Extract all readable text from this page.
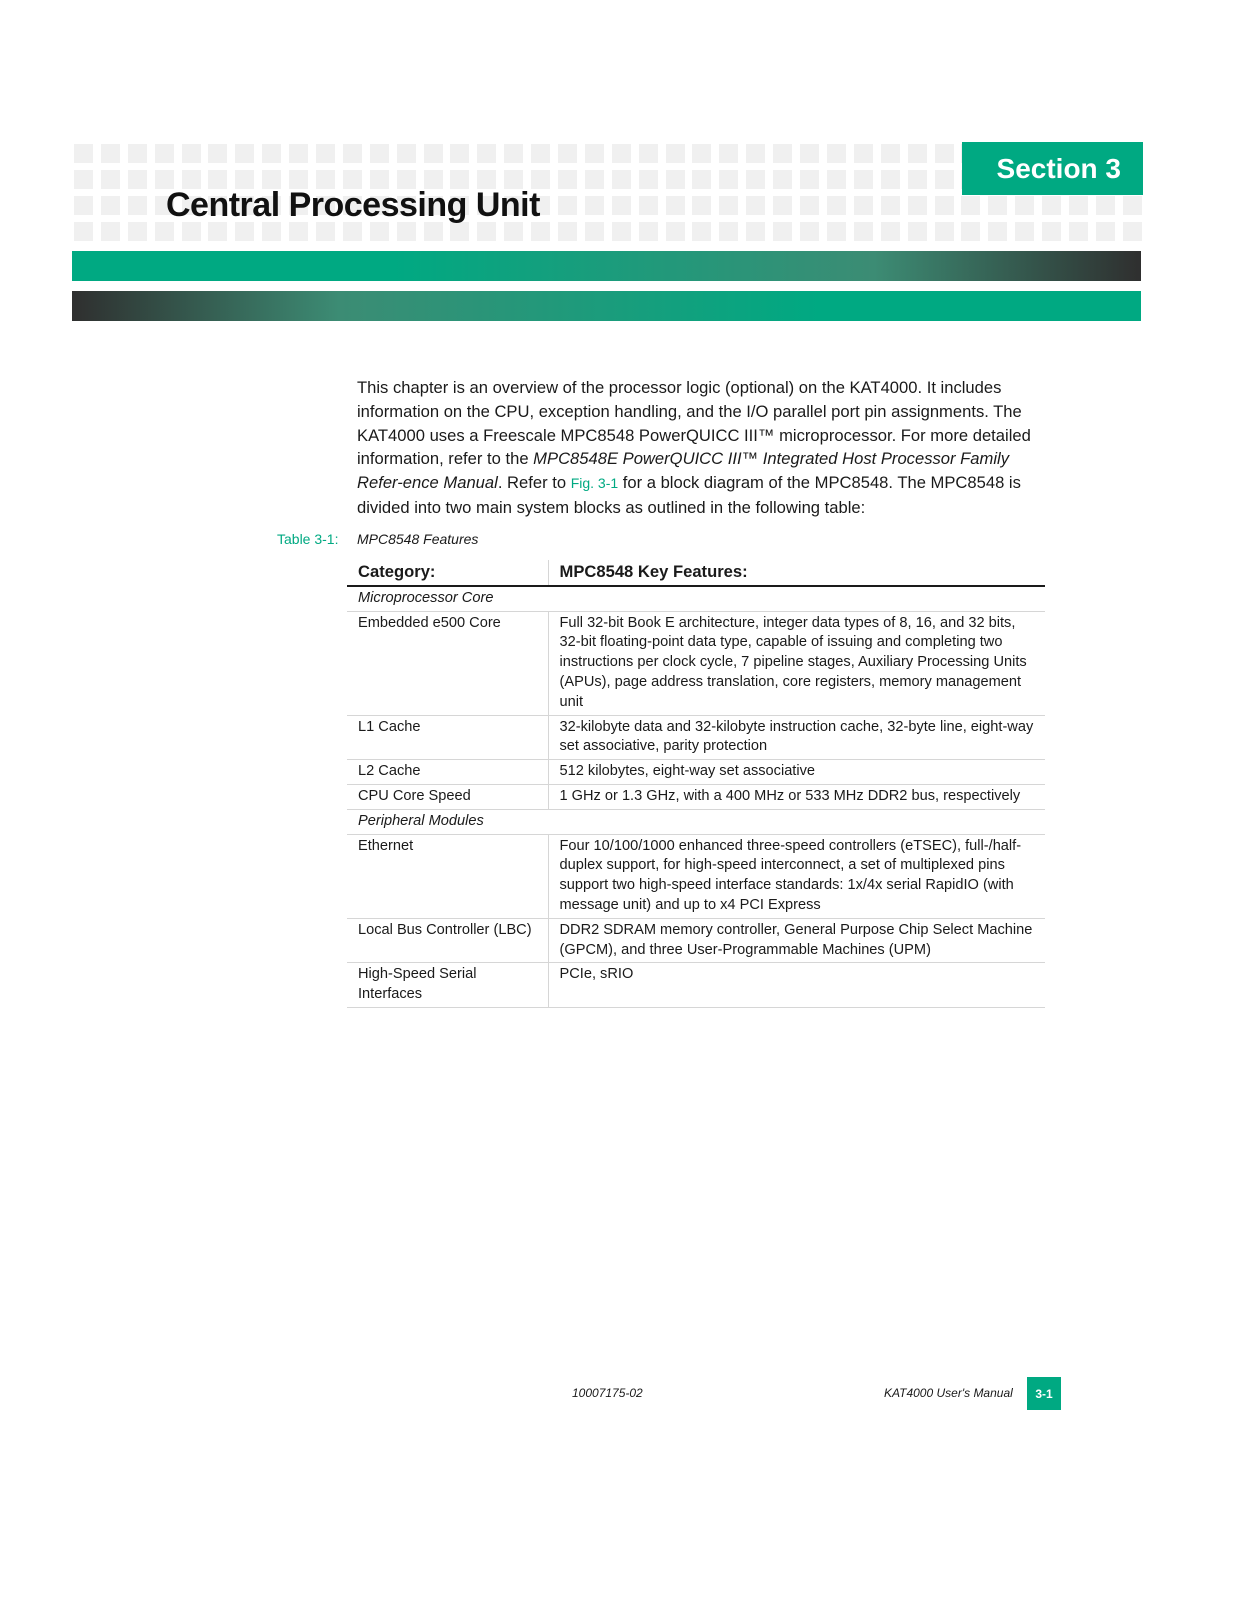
Section 3
Central Processing Unit

This chapter is an overview of the processor logic (optional) on the KAT4000. It includes information on the CPU, exception handling, and the I/O parallel port pin assignments. The KAT4000 uses a Freescale MPC8548 PowerQUICC III™ microprocessor. For more detailed information, refer to the MPC8548E PowerQUICC III™ Integrated Host Processor Family Refer-ence Manual. Refer to Fig. 3-1 for a block diagram of the MPC8548. The MPC8548 is divided into two main system blocks as outlined in the following table:

Table 3-1: MPC8548 Features
Category:	MPC8548 Key Features:
Microprocessor Core	
Embedded e500 Core	Full 32-bit Book E architecture, integer data types of 8, 16, and 32 bits, 32-bit floating-point data type, capable of issuing and completing two instructions per clock cycle, 7 pipeline stages, Auxiliary Processing Units (APUs), page address translation, core registers, memory management unit
L1 Cache	32-kilobyte data and 32-kilobyte instruction cache, 32-byte line, eight-way set associative, parity protection
L2 Cache	512 kilobytes, eight-way set associative
CPU Core Speed	1 GHz or 1.3 GHz, with a 400 MHz or 533 MHz DDR2 bus, respectively
Peripheral Modules	
Ethernet	Four 10/100/1000 enhanced three-speed controllers (eTSEC), full-/half-duplex support, for high-speed interconnect, a set of multiplexed pins support two high-speed interface standards: 1x/4x serial RapidIO (with message unit) and up to x4 PCI Express
Local Bus Controller (LBC)	DDR2 SDRAM memory controller, General Purpose Chip Select Machine (GPCM), and three User-Programmable Machines (UPM)
High-Speed Serial Interfaces	PCIe, sRIO
10007175-02	KAT4000 User's Manual 3-1
